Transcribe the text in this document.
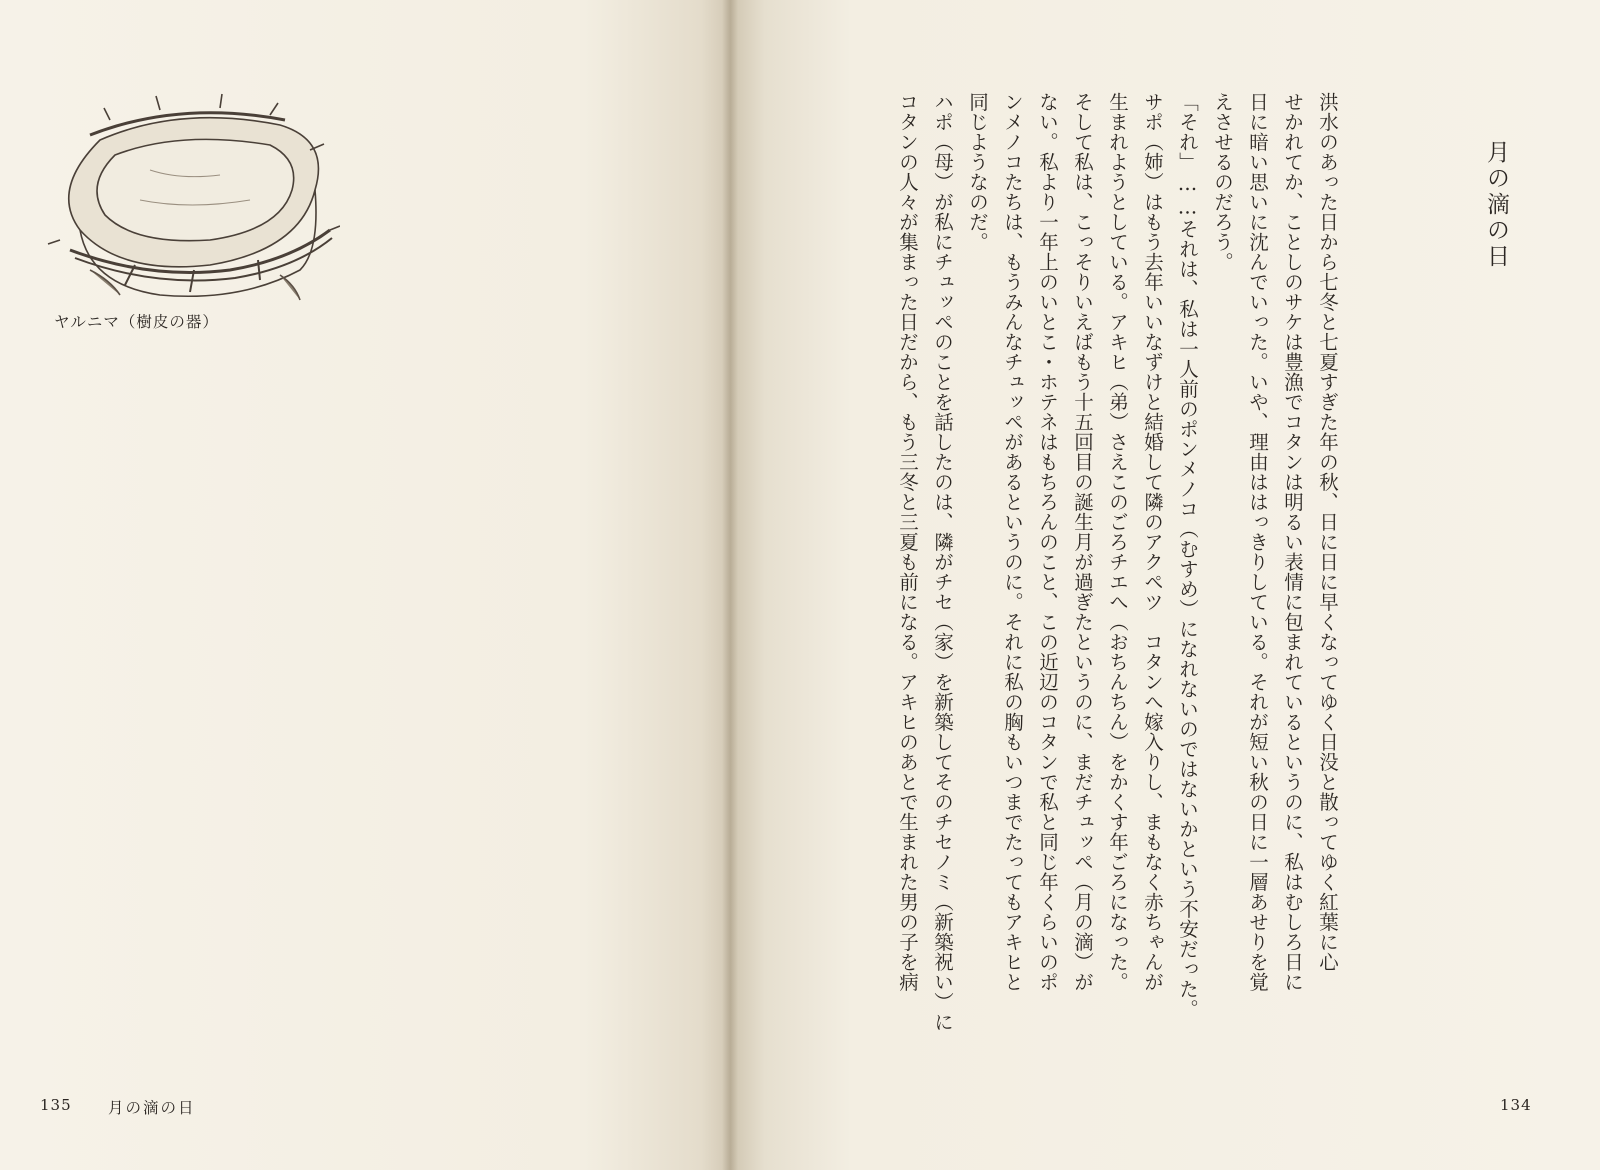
ヤルニマ（樹皮の器）
135 月の滴の日
月の滴の日
洪水のあった日から七冬と七夏すぎた年の秋、日に日に早くなってゆく日没と散ってゆく紅葉に心
せかれてか、ことしのサケは豊漁でコタンは明るい表情に包まれているというのに、私はむしろ日に
日に暗い思いに沈んでいった。いや、理由ははっきりしている。それが短い秋の日に一層あせりを覚
えさせるのだろう。
「それ」……それは、私は一人前のポンメノコ（むすめ）になれないのではないかという不安だった。
サポ（姉）はもう去年いいなずけと結婚して隣のアクペツ　コタンへ嫁入りし、まもなく赤ちゃんが
生まれようとしている。アキヒ（弟）さえこのごろチエへ（おちんちん）をかくす年ごろになった。
そして私は、こっそりいえばもう十五回目の誕生月が過ぎたというのに、まだチュッペ（月の滴）が
ない。私より一年上のいとこ・ホテネはもちろんのこと、この近辺のコタンで私と同じ年くらいのポ
ンメノコたちは、もうみんなチュッペがあるというのに。それに私の胸もいつまでたってもアキヒと
同じようなのだ。
ハポ（母）が私にチュッペのことを話したのは、隣がチセ（家）を新築してそのチセノミ（新築祝い）に
コタンの人々が集まった日だから、もう三冬と三夏も前になる。アキヒのあとで生まれた男の子を病
134
